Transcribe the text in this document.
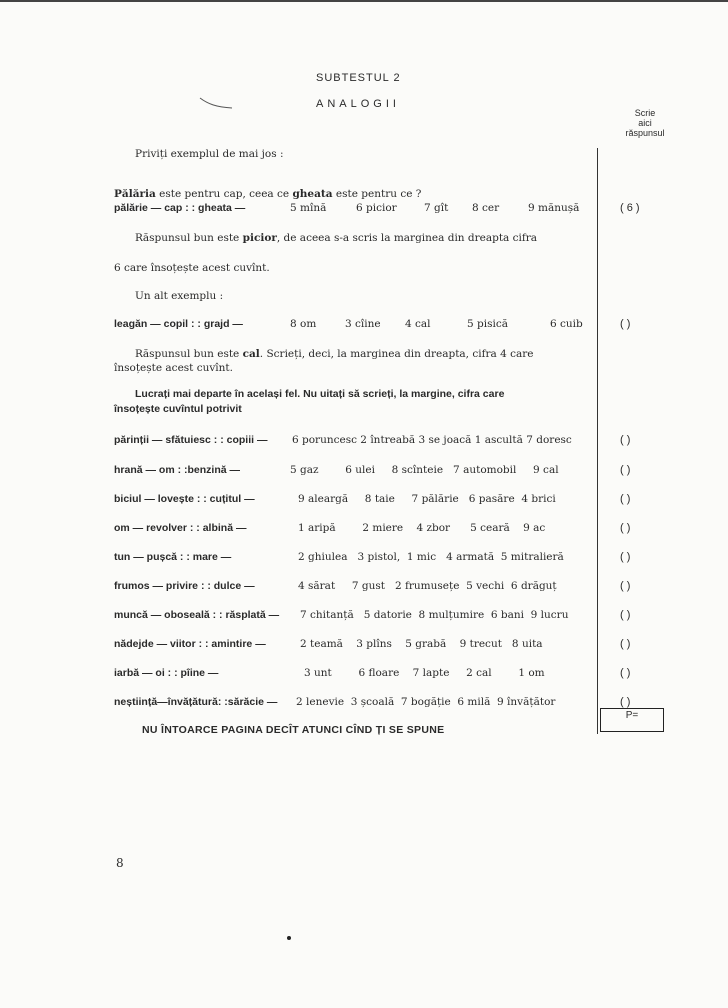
SUBTESTUL 2
ANALOGII
Scrie
aici
răspunsul
Priviți exemplul de mai jos :
Pălăria este pentru cap, ceea ce gheata este pentru ce ?
pălărie — cap : : gheata —	5 mînă	6 picior	7 gît 8 cer	9 mănușă	( 6 )
Răspunsul bun este picior, de aceea s-a scris la marginea din dreapta cifra
6 care însoțește acest cuvînt.
Un alt exemplu :
leagăn — copil : : grajd —	8 om	3 cîine 4 cal	5 pisică	6 cuib	( )
Răspunsul bun este cal. Scrieți, deci, la marginea din dreapta, cifra 4 care
însoțește acest cuvînt.
Lucrați mai departe în același fel. Nu uitați să scrieți, la margine, cifra care
însoțește cuvîntul potrivit
părinții — sfătuiesc : : copiii — 6 poruncesc 2 întreabă 3 se joacă 1 ascultă 7 doresc	( )
hrană — om : :benzină —	5 gaz        6 ulei     8 scînteie   7 automobil     9 cal	( )
biciul — lovește : : cuțitul —	9 aleargă     8 taie     7 pălărie   6 pasăre  4 brici	( )
om — revolver : : albină —	1 aripă        2 miere    4 zbor      5 ceară    9 ac	( )
tun — pușcă : : mare —	2 ghiulea   3 pistol,  1 mic   4 armată  5 mitralieră	( )
frumos — privire : : dulce —	4 sărat     7 gust   2 frumusețe  5 vechi  6 drăguț	( )
muncă — oboseală : : răsplată — 7 chitanță   5 datorie  8 mulțumire  6 bani  9 lucru	( )
nădejde — viitor : : amintire —	2 teamă    3 plîns    5 grabă    9 trecut   8 uita	( )
iarbă — oi : : pîine —	3 unt        6 floare    7 lapte     2 cal        1 om	( )
neștiință—învățătură: :sărăcie — 2 lenevie  3 școală  7 bogăție  6 milă  9 învățător	( )
NU ÎNTOARCE PAGINA DECÎT ATUNCI CÎND ȚI SE SPUNE
P=
8
